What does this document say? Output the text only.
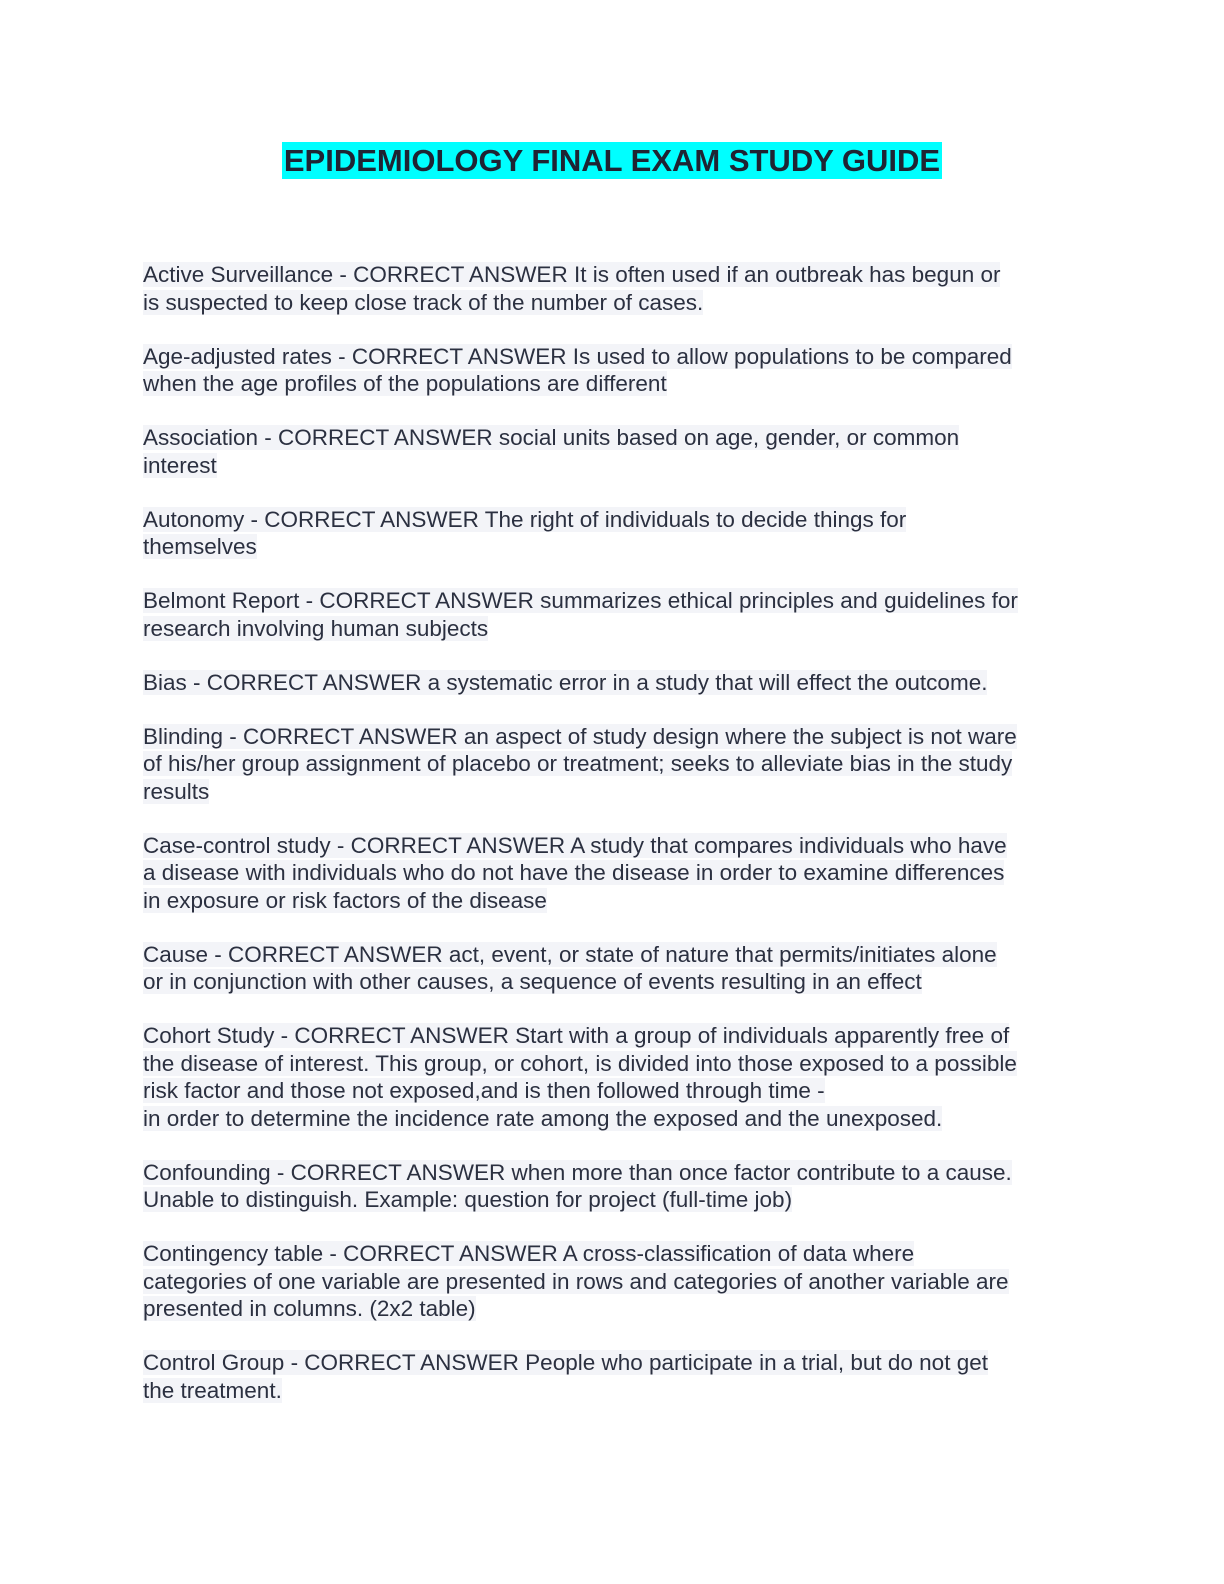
EPIDEMIOLOGY FINAL EXAM STUDY GUIDE
Active Surveillance - CORRECT ANSWER It is often used if an outbreak has begun or
is suspected to keep close track of the number of cases.
Age-adjusted rates - CORRECT ANSWER Is used to allow populations to be compared
when the age profiles of the populations are different
Association - CORRECT ANSWER social units based on age, gender, or common
interest
Autonomy - CORRECT ANSWER The right of individuals to decide things for
themselves
Belmont Report - CORRECT ANSWER summarizes ethical principles and guidelines for
research involving human subjects
Bias - CORRECT ANSWER a systematic error in a study that will effect the outcome.
Blinding - CORRECT ANSWER an aspect of study design where the subject is not ware
of his/her group assignment of placebo or treatment; seeks to alleviate bias in the study
results
Case-control study - CORRECT ANSWER A study that compares individuals who have
a disease with individuals who do not have the disease in order to examine differences
in exposure or risk factors of the disease
Cause - CORRECT ANSWER act, event, or state of nature that permits/initiates alone
or in conjunction with other causes, a sequence of events resulting in an effect
Cohort Study - CORRECT ANSWER Start with a group of individuals apparently free of
the disease of interest. This group, or cohort, is divided into those exposed to a possible
risk factor and those not exposed,and is then followed through time -
in order to determine the incidence rate among the exposed and the unexposed.
Confounding - CORRECT ANSWER when more than once factor contribute to a cause.
Unable to distinguish. Example: question for project (full-time job)
Contingency table - CORRECT ANSWER A cross-classification of data where
categories of one variable are presented in rows and categories of another variable are
presented in columns. (2x2 table)
Control Group - CORRECT ANSWER People who participate in a trial, but do not get
the treatment.
